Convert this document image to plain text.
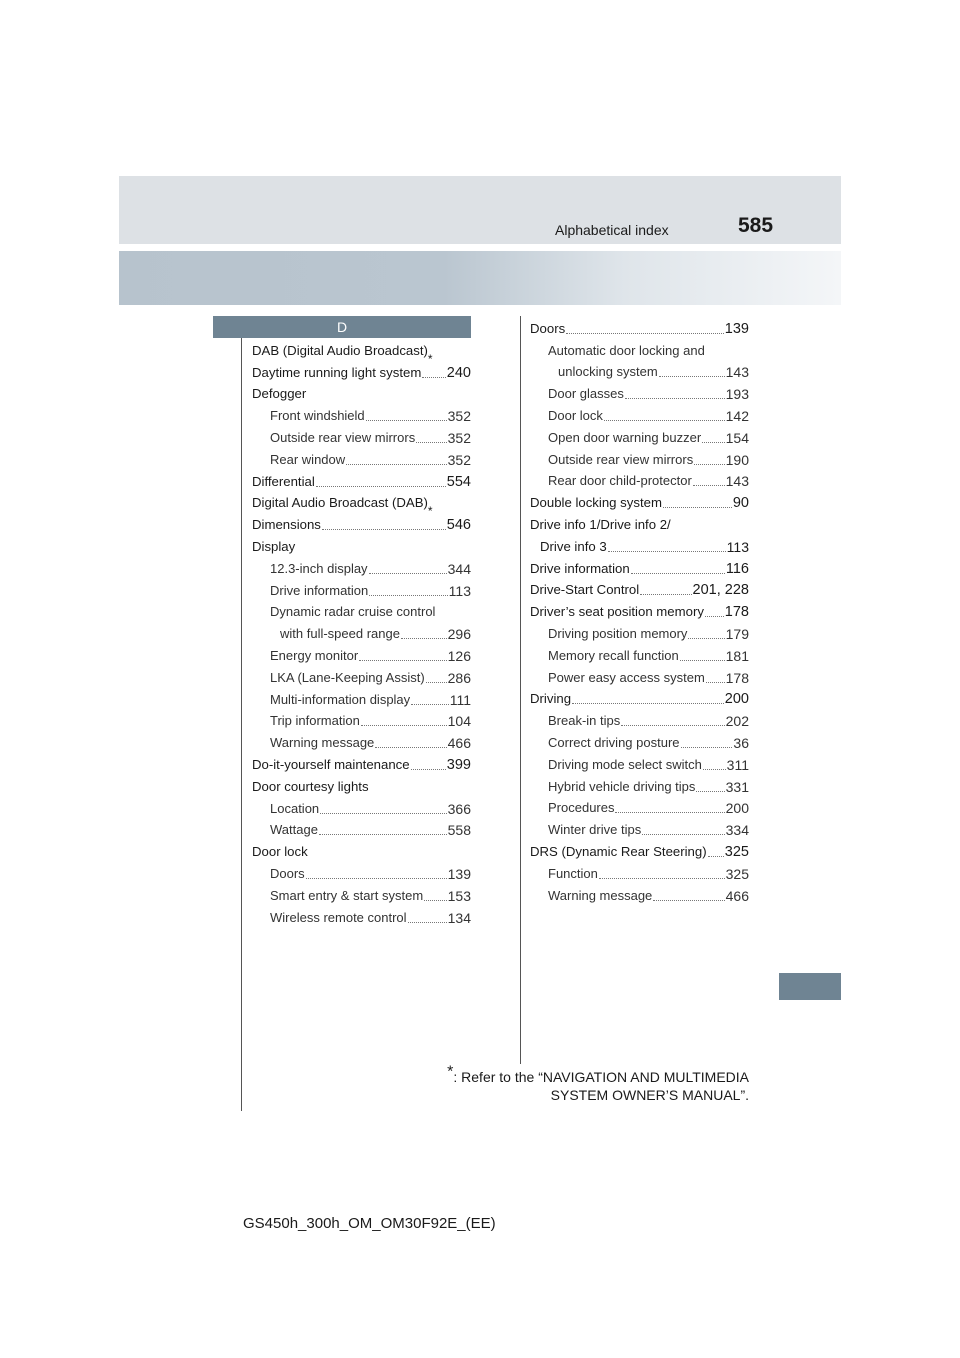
Alphabetical index	585
D
DAB (Digital Audio Broadcast)
*
Daytime running light system 240
Defogger
Front windshield	352
Outside rear view mirrors 352
Rear window	352
Differential	554
Digital Audio Broadcast (DAB)
*
Dimensions	546
Display
12.3-inch display	344
Drive information	113
Dynamic radar cruise control
with full-speed range	296
Energy monitor	126
LKA (Lane-Keeping Assist) 286
Multi-information display	111
Trip information	104
Warning message	466
Do-it-yourself maintenance	399
Door courtesy lights
Location	366
Wattage	558
Door lock
Doors	139
Smart entry & start system 153
Wireless remote control	134
Doors	139
Automatic door locking and
unlocking system	143
Door glasses	193
Door lock	142
Open door warning buzzer 154
Outside rear view mirrors 190
Rear door child-protector 143
Double locking system	90
Drive info 1/Drive info 2/
Drive info 3	113
Drive information	116
Drive-Start Control	201, 228
Driver’s seat position memory 178
Driving position memory	179
Memory recall function	181
Power easy access system 178
Driving	200
Break-in tips	202
Correct driving posture	36
Driving mode select switch 311
Hybrid vehicle driving tips 331
Procedures	200
Winter drive tips	334
DRS (Dynamic Rear Steering) 325
Function	325
Warning message	466
*: Refer to the “NAVIGATION AND MULTIMEDIA
SYSTEM OWNER’S MANUAL”.
GS450h_300h_OM_OM30F92E_(EE)
